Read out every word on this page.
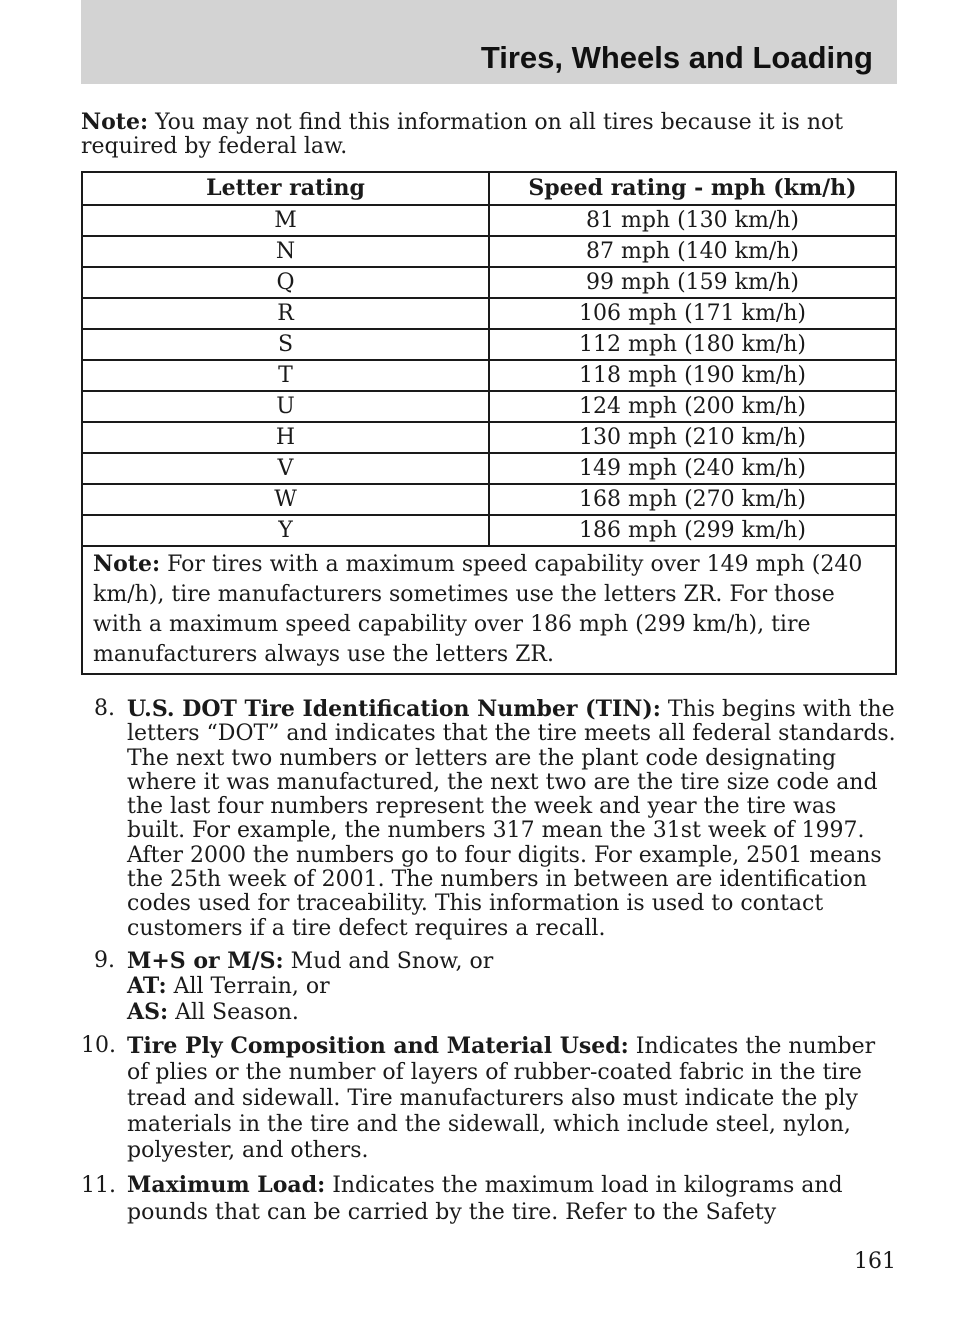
Tires, Wheels and Loading

Note: You may not find this information on all tires because it is not required by federal law.

Letter rating	Speed rating - mph (km/h)
M	81 mph (130 km/h)
N	87 mph (140 km/h)
Q	99 mph (159 km/h)
R	106 mph (171 km/h)
S	112 mph (180 km/h)
T	118 mph (190 km/h)
U	124 mph (200 km/h)
H	130 mph (210 km/h)
V	149 mph (240 km/h)
W	168 mph (270 km/h)
Y	186 mph (299 km/h)
Note: For tires with a maximum speed capability over 149 mph (240 km/h), tire manufacturers sometimes use the letters ZR. For those with a maximum speed capability over 186 mph (299 km/h), tire manufacturers always use the letters ZR.	
8. U.S. DOT Tire Identification Number (TIN): This begins with the letters “DOT” and indicates that the tire meets all federal standards. The next two numbers or letters are the plant code designating where it was manufactured, the next two are the tire size code and the last four numbers represent the week and year the tire was built. For example, the numbers 317 mean the 31st week of 1997. After 2000 the numbers go to four digits. For example, 2501 means the 25th week of 2001. The numbers in between are identification codes used for traceability. This information is used to contact customers if a tire defect requires a recall.
9. M+S or M/S: Mud and Snow, or
AT: All Terrain, or
AS: All Season.
10. Tire Ply Composition and Material Used: Indicates the number of plies or the number of layers of rubber-coated fabric in the tire tread and sidewall. Tire manufacturers also must indicate the ply materials in the tire and the sidewall, which include steel, nylon, polyester, and others.
11. Maximum Load: Indicates the maximum load in kilograms and pounds that can be carried by the tire. Refer to the Safety
161
